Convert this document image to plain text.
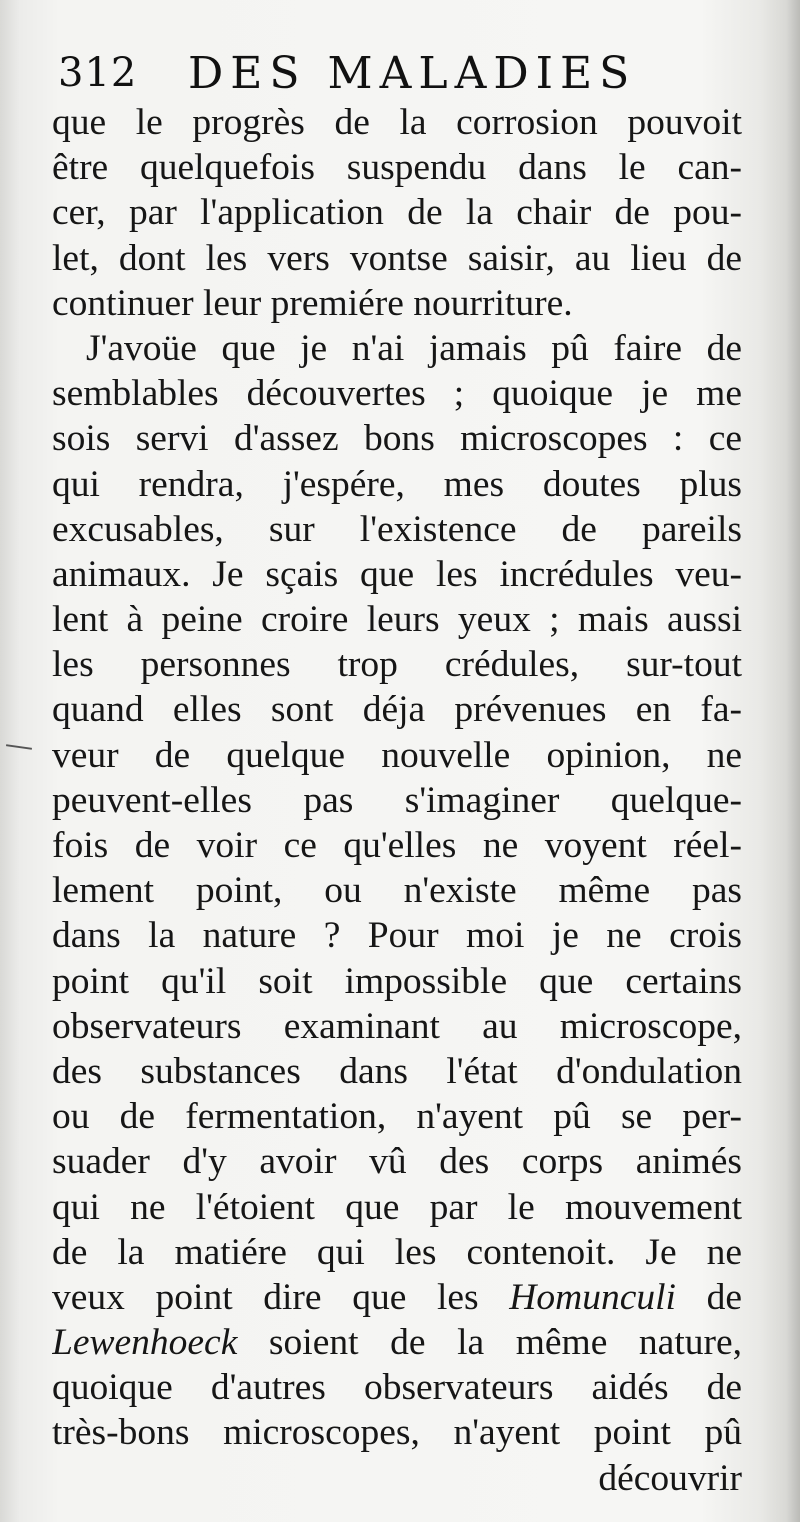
312 DES MALADIES
que le progrès de la corrosion pouvoit
être quelquefois suspendu dans le can-
cer, par l'application de la chair de pou-
let, dont les vers vontse saisir, au lieu de
continuer leur premiére nourriture.
J'avoüe que je n'ai jamais pû faire de
semblables découvertes ; quoique je me
sois servi d'assez bons microscopes : ce
qui rendra, j'espére, mes doutes plus
excusables, sur l'existence de pareils
animaux. Je sçais que les incrédules veu-
lent à peine croire leurs yeux ; mais aussi
les personnes trop crédules, sur-tout
quand elles sont déja prévenues en fa-
veur de quelque nouvelle opinion, ne
peuvent-elles pas s'imaginer quelque-
fois de voir ce qu'elles ne voyent réel-
lement point, ou n'existe même pas
dans la nature ? Pour moi je ne crois
point qu'il soit impossible que certains
observateurs examinant au microscope,
des substances dans l'état d'ondulation
ou de fermentation, n'ayent pû se per-
suader d'y avoir vû des corps animés
qui ne l'étoient que par le mouvement
de la matiére qui les contenoit. Je ne
veux point dire que les Homunculi de
Lewenhoeck soient de la même nature,
quoique d'autres observateurs aidés de
très-bons microscopes, n'ayent point pû
découvrir
